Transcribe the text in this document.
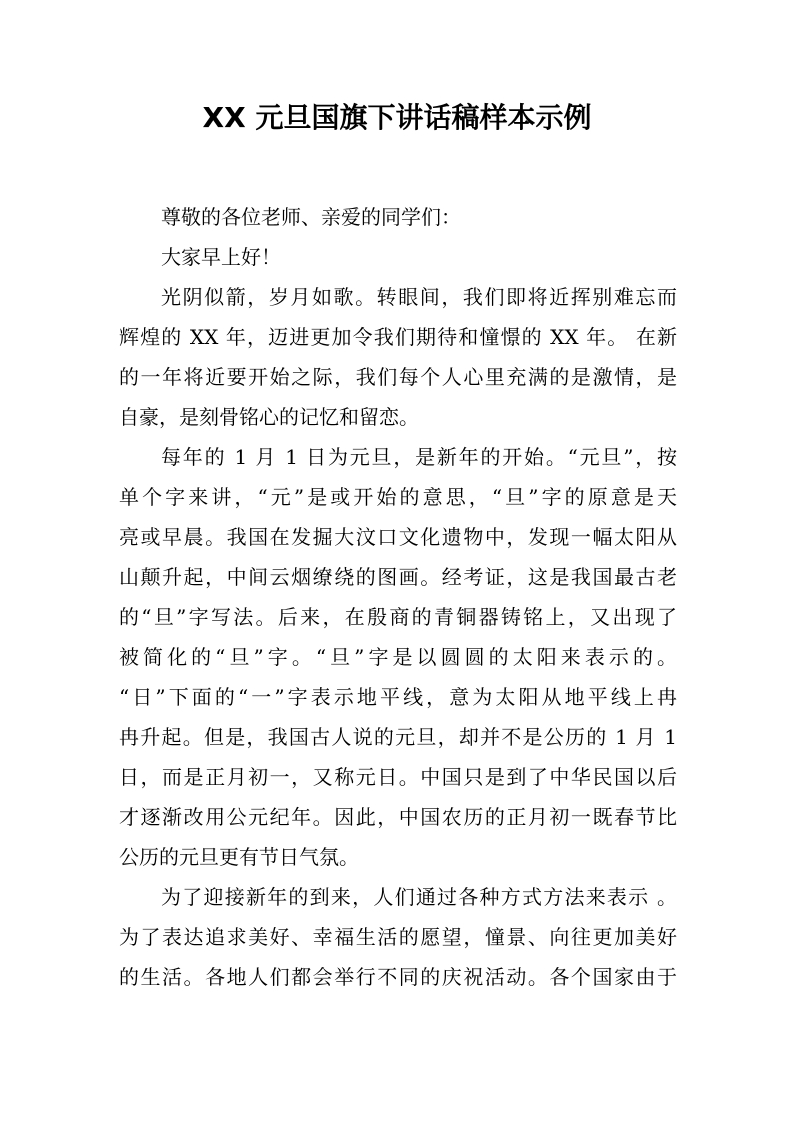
XX 元旦国旗下讲话稿样本示例
尊敬的各位老师、亲爱的同学们：
大家早上好！
光阴似箭，岁月如歌。转眼间，我们即将近挥别难忘而
辉煌的 XX 年，迈进更加令我们期待和憧憬的 XX 年。 在新
的一年将近要开始之际，我们每个人心里充满的是激情，是
自豪，是刻骨铭心的记忆和留恋。
每年的 1 月 1 日为元旦，是新年的开始。“元旦”，按
单个字来讲，“元”是或开始的意思，“旦”字的原意是天
亮或早晨。我国在发掘大汶口文化遗物中，发现一幅太阳从
山颠升起，中间云烟缭绕的图画。经考证，这是我国最古老
的“旦”字写法。后来，在殷商的青铜器铸铭上，又出现了
被简化的“旦”字。“旦”字是以圆圆的太阳来表示的。
“日”下面的“一”字表示地平线，意为太阳从地平线上冉
冉升起。但是，我国古人说的元旦，却并不是公历的 1 月 1
日，而是正月初一，又称元日。中国只是到了中华民国以后
才逐渐改用公元纪年。因此，中国农历的正月初一既春节比
公历的元旦更有节日气氛。
为了迎接新年的到来，人们通过各种方式方法来表示 。
为了表达追求美好、幸福生活的愿望，憧景、向往更加美好
的生活。各地人们都会举行不同的庆祝活动。各个国家由于
